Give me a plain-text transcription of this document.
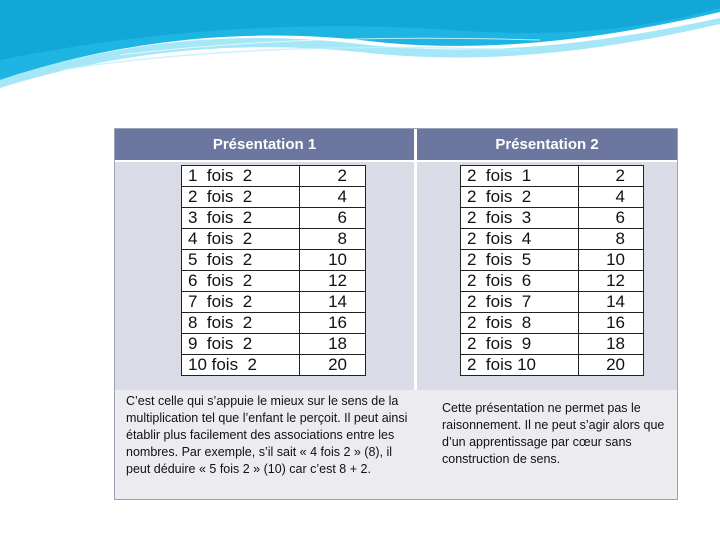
Présentation 1	Présentation 2
1  fois  2	2
2  fois  2	4
3  fois  2	6
4  fois  2	8
5  fois  2	10
6  fois  2	12
7  fois  2	14
8  fois  2	16
9  fois  2	18
10 fois  2	20
2  fois  1	2
2  fois  2	4
2  fois  3	6
2  fois  4	8
2  fois  5	10
2  fois  6	12
2  fois  7	14
2  fois  8	16
2  fois  9	18
2  fois 10	20
C’est celle qui s’appuie le mieux sur le sens de la multiplication tel que l’enfant le perçoit. Il peut ainsi établir plus facilement des associations entre les nombres. Par exemple, s’il sait « 4 fois 2 » (8), il peut déduire « 5 fois 2 » (10) car c’est 8 + 2.
Cette présentation ne permet pas le raisonnement. Il ne peut s’agir alors que d’un apprentissage par cœur sans construction de sens.
